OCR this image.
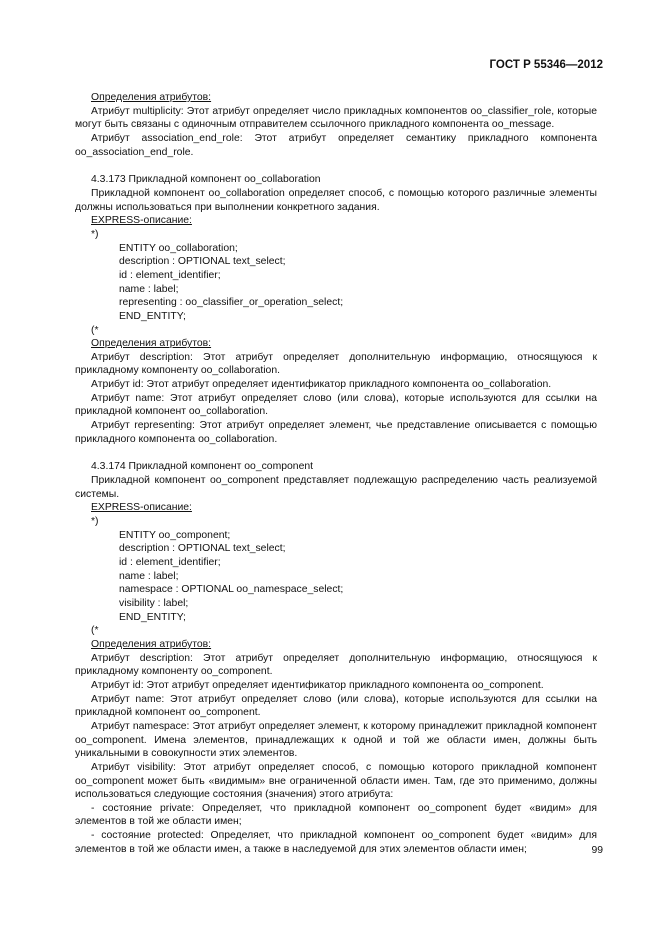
ГОСТ Р 55346—2012
Определения атрибутов:
Атрибут multiplicity: Этот атрибут определяет число прикладных компонентов oo_classifier_role, которые могут быть связаны с одиночным отправителем ссылочного прикладного компонента oo_message.
Атрибут association_end_role: Этот атрибут определяет семантику прикладного компонента oo_association_end_role.
4.3.173 Прикладной компонент oo_collaboration
Прикладной компонент oo_collaboration определяет способ, с помощью которого различные элементы должны использоваться при выполнении конкретного задания.
EXPRESS-описание:
*)
ENTITY oo_collaboration;
description : OPTIONAL text_select;
id : element_identifier;
name : label;
representing : oo_classifier_or_operation_select;
END_ENTITY;
(*
Определения атрибутов:
Атрибут description: Этот атрибут определяет дополнительную информацию, относящуюся к прикладному компоненту oo_collaboration.
Атрибут id: Этот атрибут определяет идентификатор прикладного компонента oo_collaboration.
Атрибут name: Этот атрибут определяет слово (или слова), которые используются для ссылки на прикладной компонент oo_collaboration.
Атрибут representing: Этот атрибут определяет элемент, чье представление описывается с помощью прикладного компонента oo_collaboration.
4.3.174 Прикладной компонент oo_component
Прикладной компонент oo_component представляет подлежащую распределению часть реализуемой системы.
EXPRESS-описание:
*)
ENTITY oo_component;
description : OPTIONAL text_select;
id : element_identifier;
name : label;
namespace : OPTIONAL oo_namespace_select;
visibility : label;
END_ENTITY;
(*
Определения атрибутов:
Атрибут description: Этот атрибут определяет дополнительную информацию, относящуюся к прикладному компоненту oo_component.
Атрибут id: Этот атрибут определяет идентификатор прикладного компонента oo_component.
Атрибут name: Этот атрибут определяет слово (или слова), которые используются для ссылки на прикладной компонент oo_component.
Атрибут namespace: Этот атрибут определяет элемент, к которому принадлежит прикладной компонент oo_component. Имена элементов, принадлежащих к одной и той же области имен, должны быть уникальными в совокупности этих элементов.
Атрибут visibility: Этот атрибут определяет способ, с помощью которого прикладной компонент oo_component может быть «видимым» вне ограниченной области имен. Там, где это применимо, должны использоваться следующие состояния (значения) этого атрибута:
- состояние private: Определяет, что прикладной компонент oo_component будет «видим» для элементов в той же области имен;
- состояние protected: Определяет, что прикладной компонент oo_component будет «видим» для элементов в той же области имен, а также в наследуемой для этих элементов области имен;	99
